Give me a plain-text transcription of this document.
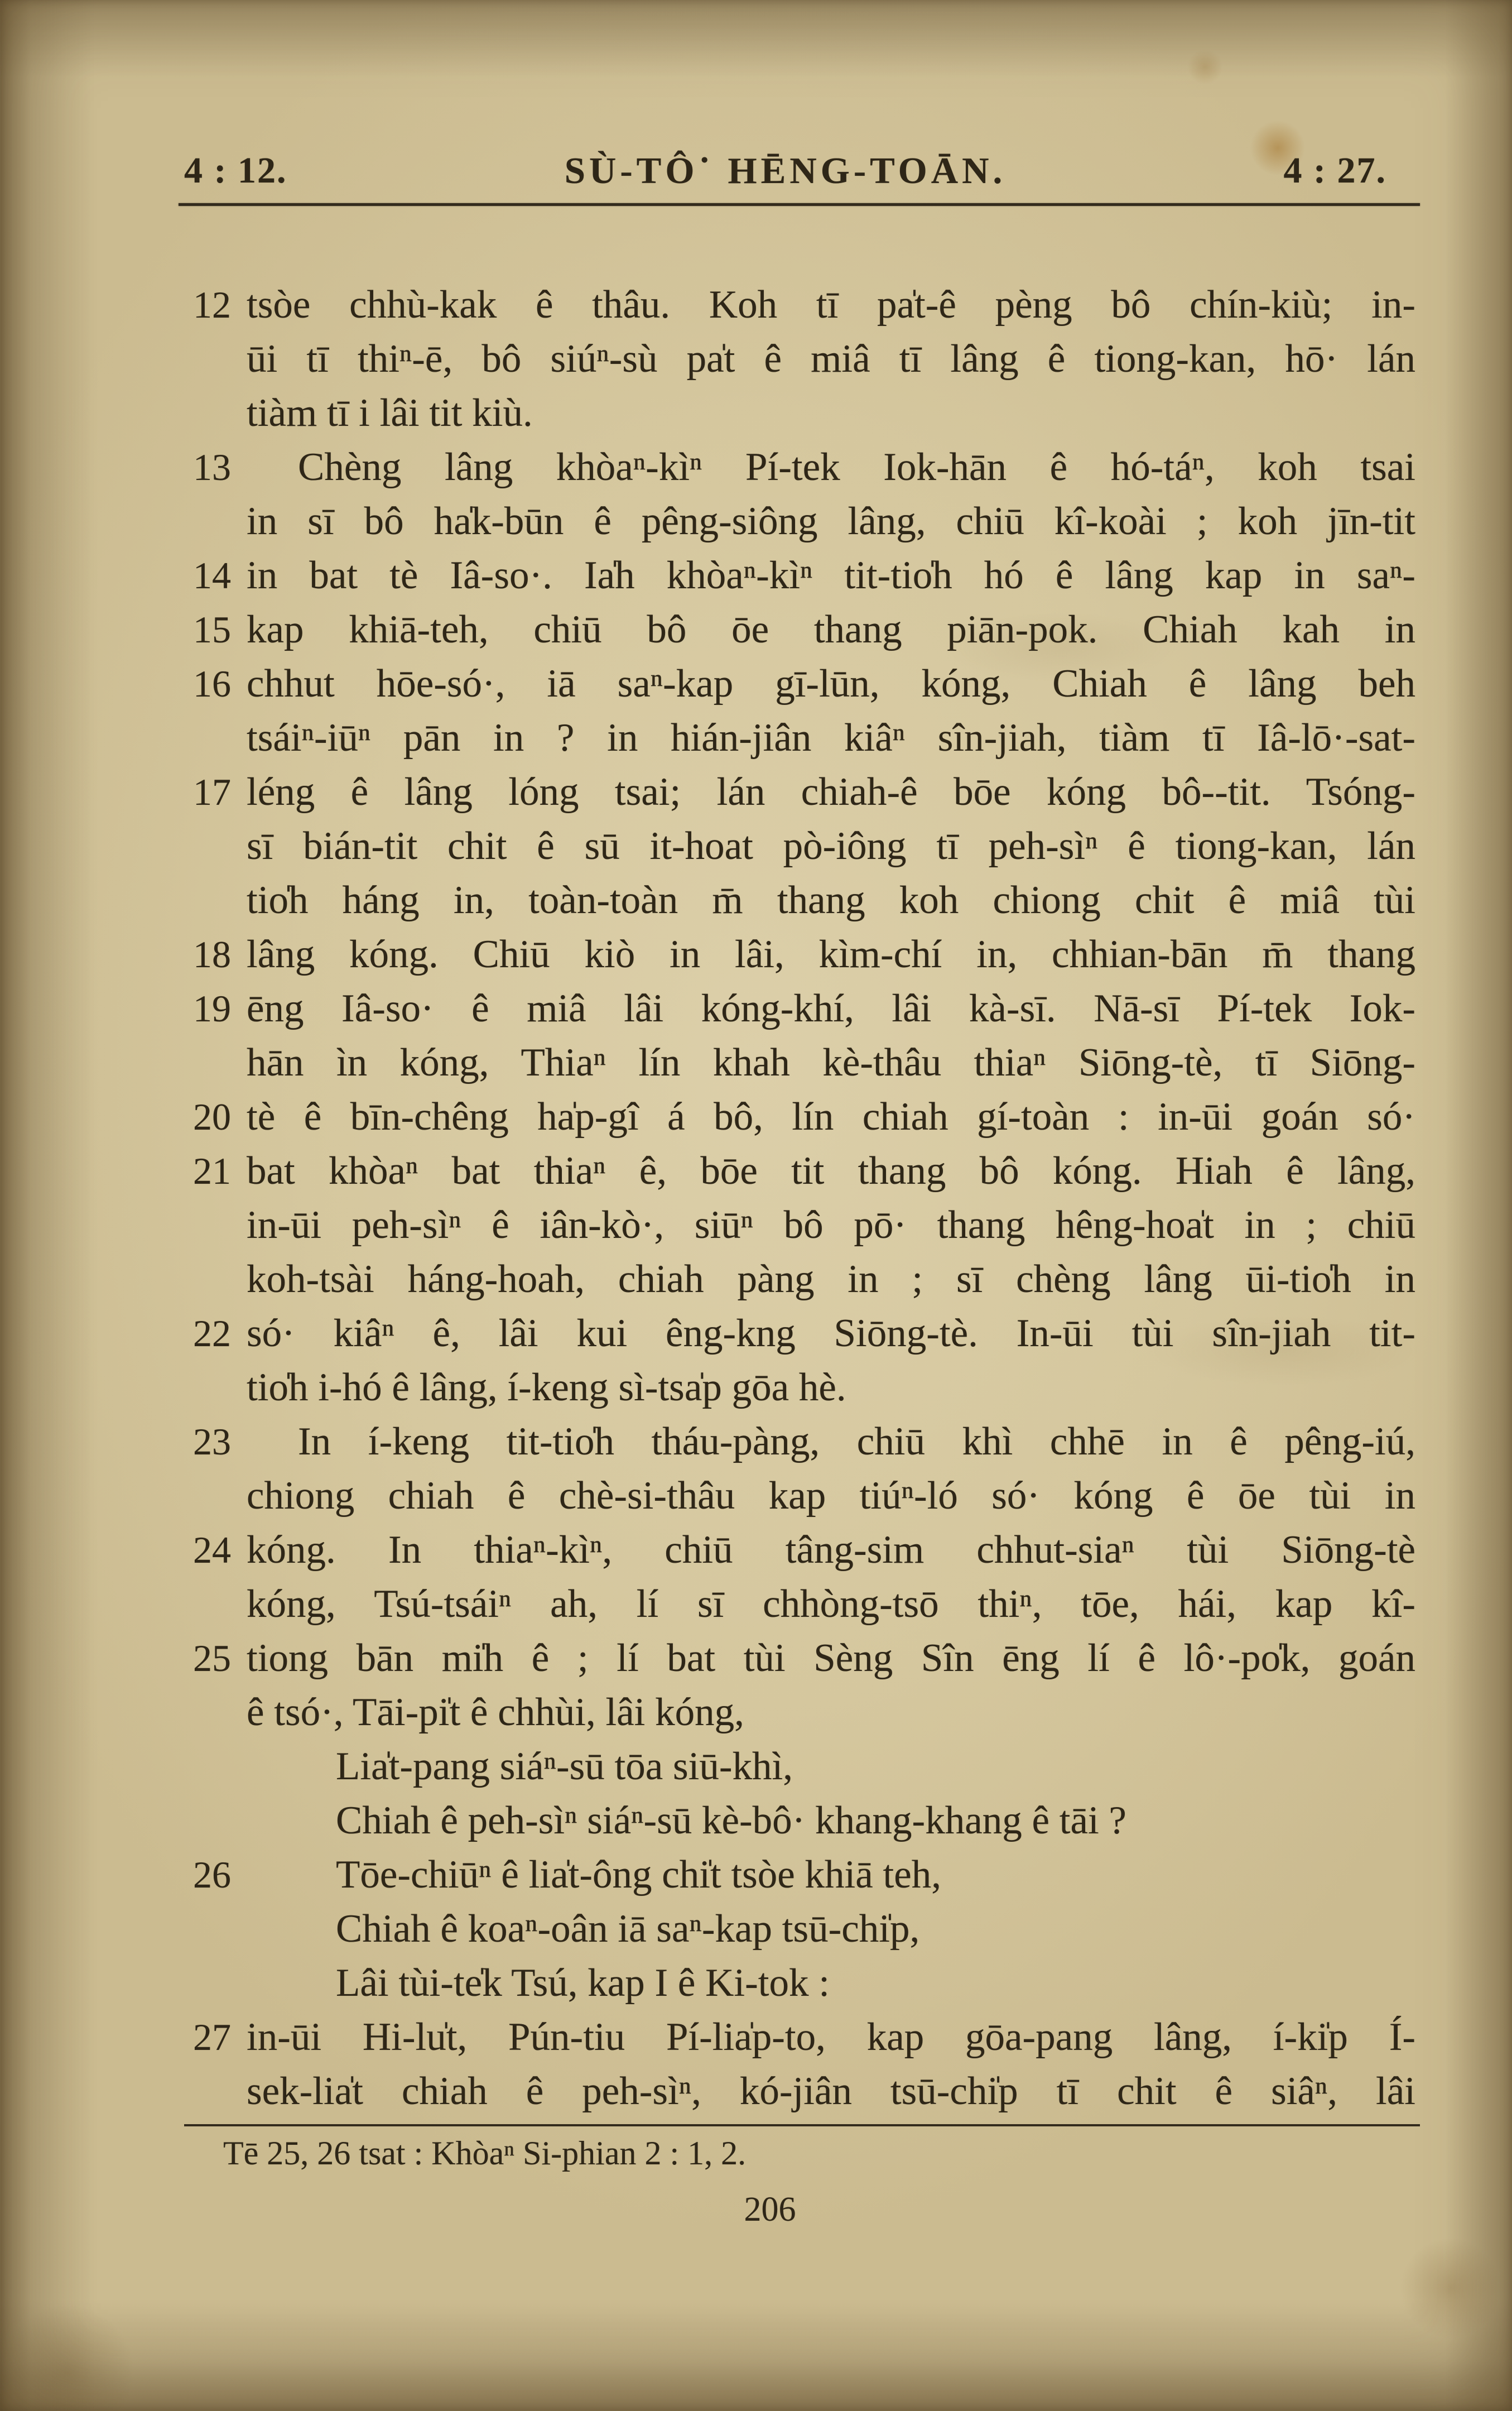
4 : 12.	SÙ-TÔ˙ HĒNG-TOĀN.	4 : 27.
12 tsòe chhù-kak ê thâu. Koh tī pa̍t-ê pèng bô chín-kiù; in-
ūi tī thiⁿ-ē, bô siúⁿ-sù pa̍t ê miâ tī lâng ê tiong-kan, hō· lán
tiàm tī i lâi tit kiù.
13 Chèng lâng khòaⁿ-kìⁿ Pí-tek Iok-hān ê hó-táⁿ, koh tsai
in sī bô ha̍k-būn ê pêng-siông lâng, chiū kî-koài ; koh jīn-tit
14 in bat tè Iâ-so·. Ia̍h khòaⁿ-kìⁿ tit-tio̍h hó ê lâng kap in saⁿ-
15 kap khiā-teh, chiū bô ōe thang piān-pok. Chiah kah in
16 chhut hōe-só·, iā saⁿ-kap gī-lūn, kóng, Chiah ê lâng beh
tsáiⁿ-iūⁿ pān in ? in hián-jiân kiâⁿ sîn-jiah, tiàm tī Iâ-lō·-sat-
17 léng ê lâng lóng tsai; lán chiah-ê bōe kóng bô--tit. Tsóng-
sī bián-tit chit ê sū it-hoat pò-iông tī peh-sìⁿ ê tiong-kan, lán
tio̍h háng in, toàn-toàn m̄ thang koh chiong chit ê miâ tùi
18 lâng kóng. Chiū kiò in lâi, kìm-chí in, chhian-bān m̄ thang
19 ēng Iâ-so· ê miâ lâi kóng-khí, lâi kà-sī. Nā-sī Pí-tek Iok-
hān ìn kóng, Thiaⁿ lín khah kè-thâu thiaⁿ Siōng-tè, tī Siōng-
20 tè ê bīn-chêng ha̍p-gî á bô, lín chiah gí-toàn : in-ūi goán só·
21 bat khòaⁿ bat thiaⁿ ê, bōe tit thang bô kóng. Hiah ê lâng,
in-ūi peh-sìⁿ ê iân-kò·, siūⁿ bô pō· thang hêng-hoa̍t in ; chiū
koh-tsài háng-hoah, chiah pàng in ; sī chèng lâng ūi-tio̍h in
22 só· kiâⁿ ê, lâi kui êng-kng Siōng-tè. In-ūi tùi sîn-jiah tit-
tio̍h i-hó ê lâng, í-keng sì-tsa̍p gōa hè.
23 In í-keng tit-tio̍h tháu-pàng, chiū khì chhē in ê pêng-iú,
chiong chiah ê chè-si-thâu kap tiúⁿ-ló só· kóng ê ōe tùi in
24 kóng. In thiaⁿ-kìⁿ, chiū tâng-sim chhut-siaⁿ tùi Siōng-tè
kóng, Tsú-tsáiⁿ ah, lí sī chhòng-tsō thiⁿ, tōe, hái, kap kî-
25 tiong bān mi̍h ê ; lí bat tùi Sèng Sîn ēng lí ê lô·-po̍k, goán
ê tsó·, Tāi-pi̍t ê chhùi, lâi kóng,
Lia̍t-pang siáⁿ-sū tōa siū-khì,
Chiah ê peh-sìⁿ siáⁿ-sū kè-bô· khang-khang ê tāi ?
26	Tōe-chiūⁿ ê lia̍t-ông chi̍t tsòe khiā teh,
Chiah ê koaⁿ-oân iā saⁿ-kap tsū-chi̍p,
Lâi tùi-te̍k Tsú, kap I ê Ki-tok :
27 in-ūi Hi-lu̍t, Pún-tiu Pí-lia̍p-to, kap gōa-pang lâng, í-ki̍p Í-
sek-lia̍t chiah ê peh-sìⁿ, kó-jiân tsū-chi̍p tī chit ê siâⁿ, lâi
Tē 25, 26 tsat : Khòaⁿ Si-phian 2 : 1, 2.
206
